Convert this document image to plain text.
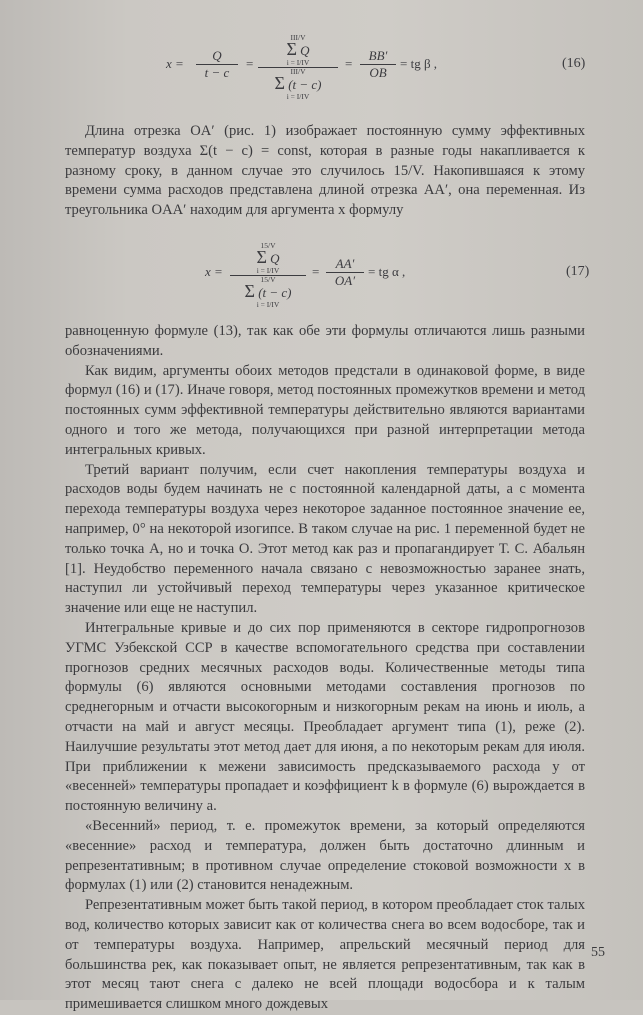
$x = \frac{Q}{t - c}$ =
III/V
Σ Q
i = I/IV
III/V
Σ (t − c)
i = I/IV
= $\frac{BB'}{OB}$ = tg β ,	(16)

Длина отрезка OA′ (рис. 1) изображает постоянную сумму эффективных температур воздуха Σ(t − c) = const, которая в разные годы накапливается к разному сроку, в данном случае это случилось 15/V. Накопившаяся к этому времени сумма расходов представлена длиной отрезка AA′, она переменная. Из треугольника OAA′ находим для аргумента x формулу

x = 15/V
Σ Q
i = I/IV
15/V
Σ (t − c)
$i = I/IV = \frac{AA'}{OA'}$ = tg α ,	(17)

равноценную формуле (13), так как обе эти формулы отличаются лишь разными обозначениями.

Как видим, аргументы обоих методов предстали в одинаковой форме, в виде формул (16) и (17). Иначе говоря, метод постоянных промежутков времени и метод постоянных сумм эффективной температуры действительно являются вариантами одного и того же метода, получающихся при разной интерпретации метода интегральных кривых.

Третий вариант получим, если счет накопления температуры воздуха и расходов воды будем начинать не с постоянной календарной даты, а с момента перехода температуры воздуха через некоторое заданное постоянное значение ее, например, 0° на некоторой изогипсе. В таком случае на рис. 1 переменной будет не только точка A, но и точка O. Этот метод как раз и пропагандирует Т. С. Абальян [1]. Неудобство переменного начала связано с невозможностью заранее знать, наступил ли устойчивый переход температуры через указанное критическое значение или еще не наступил.

Интегральные кривые и до сих пор применяются в секторе гидропрогнозов УГМС Узбекской ССР в качестве вспомогательного средства при составлении прогнозов средних месячных расходов воды. Количественные методы типа формулы (6) являются основными методами составления прогнозов по среднегорным и отчасти высокогорным и низкогорным рекам на июнь и июль, а отчасти на май и август месяцы. Преобладает аргумент типа (1), реже (2). Наилучшие результаты этот метод дает для июня, а по некоторым рекам для июля. При приближении к межени зависимость предсказываемого расхода y от «весенней» температуры пропадает и коэффициент k в формуле (6) вырождается в постоянную величину a.

«Весенний» период, т. е. промежуток времени, за который определяются «весенние» расход и температура, должен быть достаточно длинным и репрезентативным; в противном случае определение стоковой возможности x в формулах (1) или (2) становится ненадежным.

Репрезентативным может быть такой период, в котором преобладает сток талых вод, количество которых зависит как от количества снега во всем водосборе, так и от температуры воздуха. Например, апрельский месячный период для большинства рек, как показывает опыт, не является репрезентативным, так как в этот месяц тают снега с далеко не всей площади водосбора и к талым примешивается слишком много дождевых

55
